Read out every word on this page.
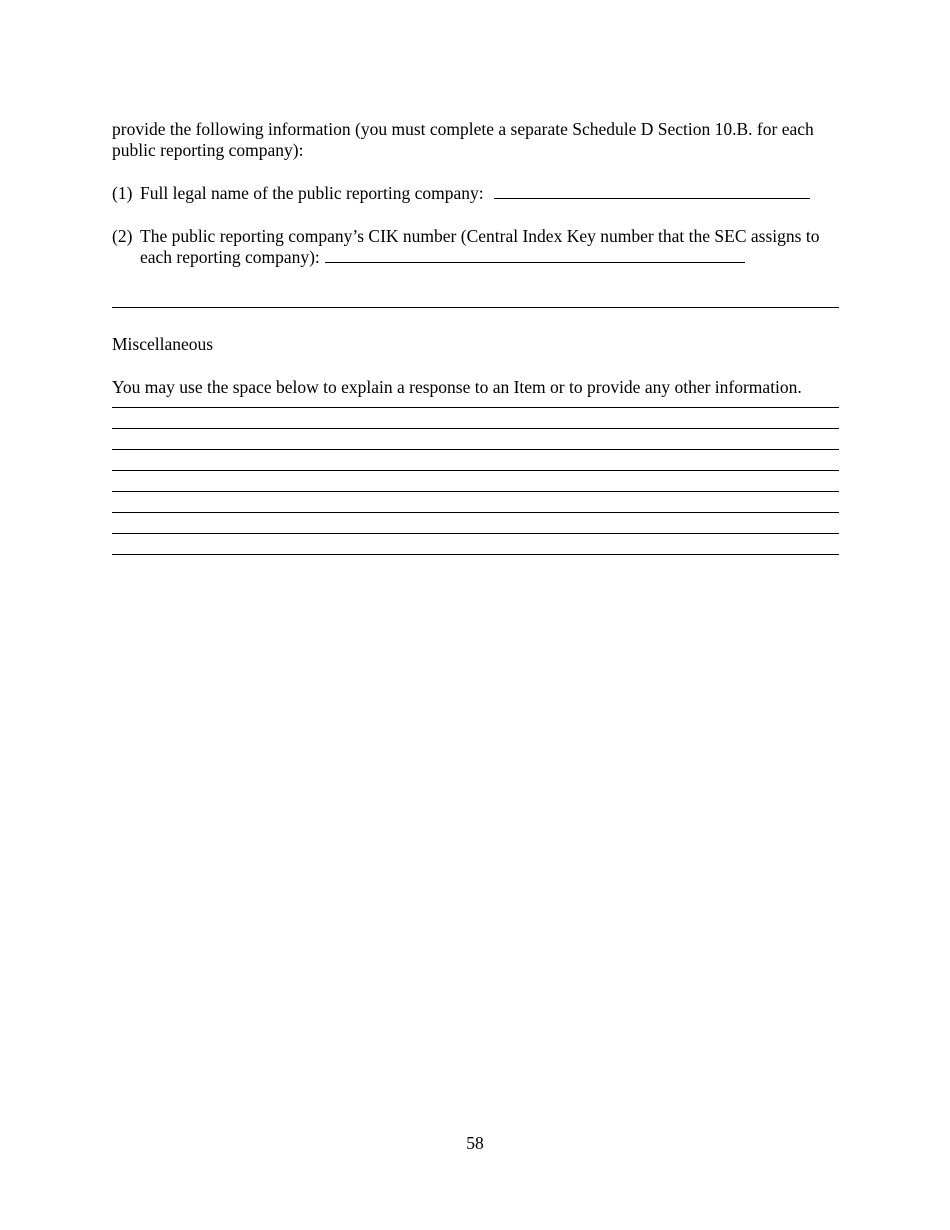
provide the following information (you must complete a separate Schedule D Section 10.B. for each public reporting company):

(1) Full legal name of the public reporting company:
(2) The public reporting company’s CIK number (Central Index Key number that the SEC assigns to each reporting company):
Miscellaneous
You may use the space below to explain a response to an Item or to provide any other information.
58
